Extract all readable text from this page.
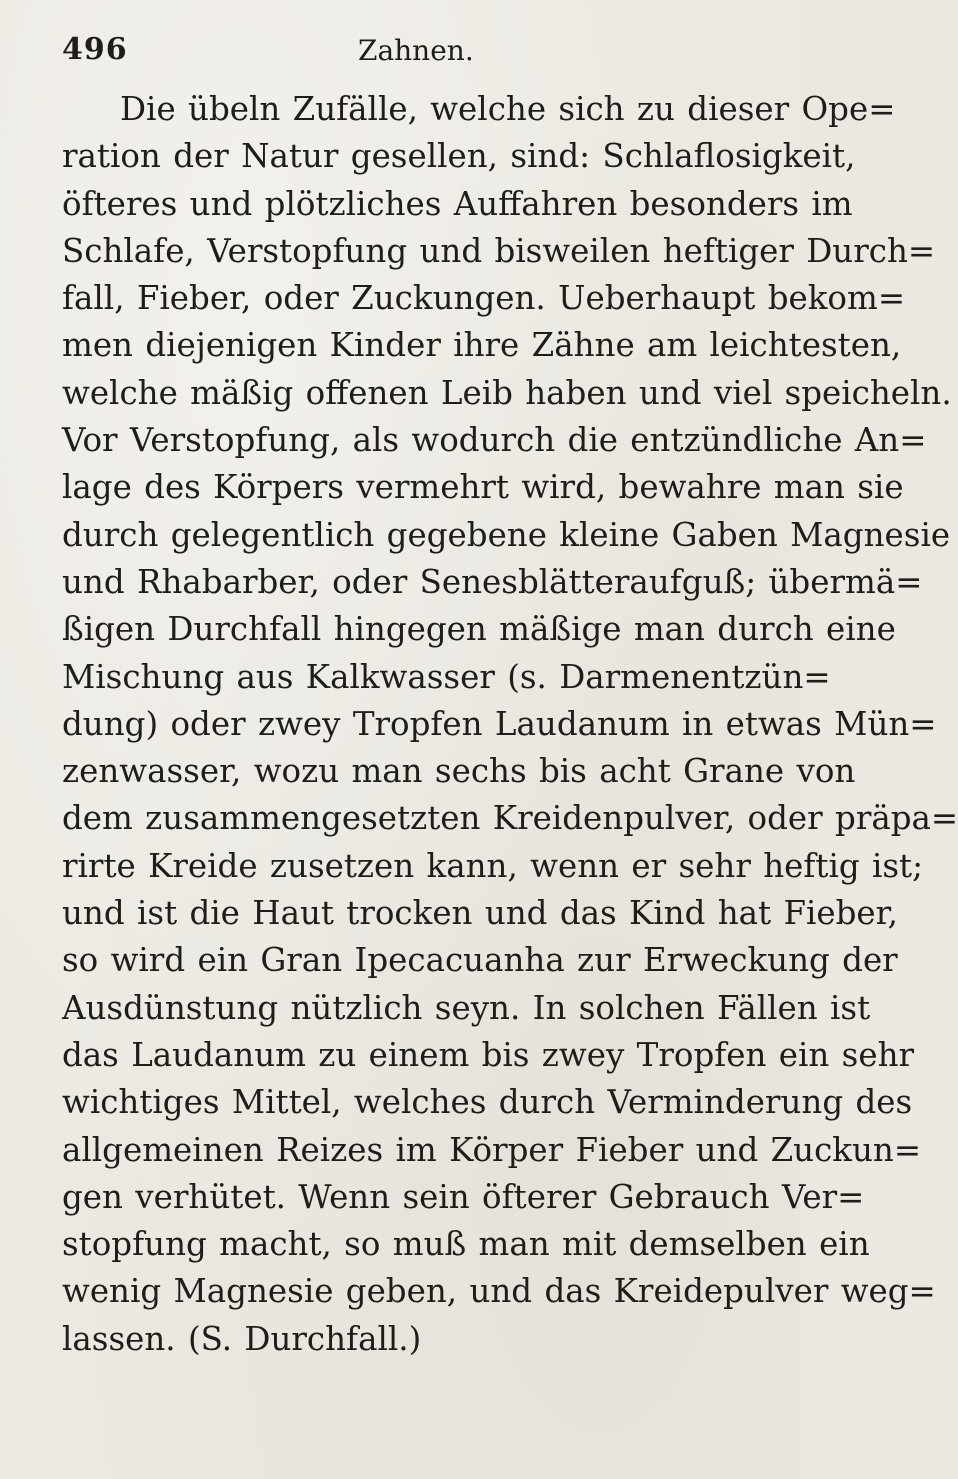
496	Zahnen.
Die übeln Zufälle, welche sich zu dieser Ope=
ration der Natur gesellen, sind: Schlaflosigkeit,
öfteres und plötzliches Auffahren besonders im
Schlafe, Verstopfung und bisweilen heftiger Durch=
fall, Fieber, oder Zuckungen. Ueberhaupt bekom=
men diejenigen Kinder ihre Zähne am leichtesten,
welche mäßig offenen Leib haben und viel speicheln.
Vor Verstopfung, als wodurch die entzündliche An=
lage des Körpers vermehrt wird, bewahre man sie
durch gelegentlich gegebene kleine Gaben Magnesie
und Rhabarber, oder Senesblätteraufguß; übermä=
ßigen Durchfall hingegen mäßige man durch eine
Mischung aus Kalkwasser (s. Darmenentzün=
dung) oder zwey Tropfen Laudanum in etwas Mün=
zenwasser, wozu man sechs bis acht Grane von
dem zusammengesetzten Kreidenpulver, oder präpa=
rirte Kreide zusetzen kann, wenn er sehr heftig ist;
und ist die Haut trocken und das Kind hat Fieber,
so wird ein Gran Ipecacuanha zur Erweckung der
Ausdünstung nützlich seyn. In solchen Fällen ist
das Laudanum zu einem bis zwey Tropfen ein sehr
wichtiges Mittel, welches durch Verminderung des
allgemeinen Reizes im Körper Fieber und Zuckun=
gen verhütet. Wenn sein öfterer Gebrauch Ver=
stopfung macht, so muß man mit demselben ein
wenig Magnesie geben, und das Kreidepulver weg=
lassen. (S. Durchfall.)
